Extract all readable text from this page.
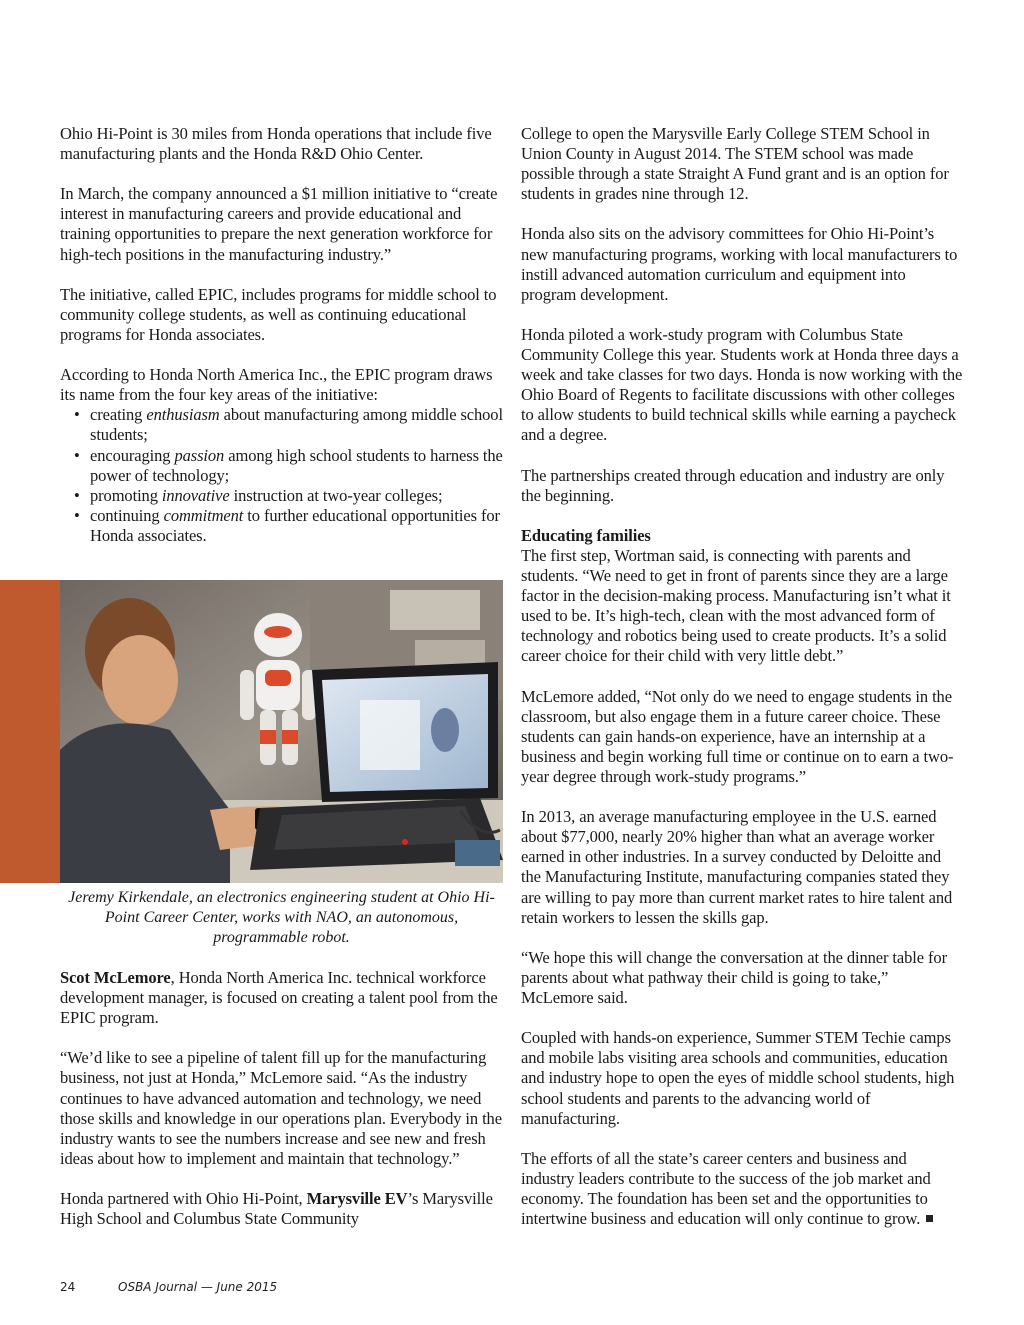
Ohio Hi-Point is 30 miles from Honda operations that include five manufacturing plants and the Honda R&D Ohio Center.

In March, the company announced a $1 million initiative to “create interest in manufacturing careers and provide educational and training opportunities to prepare the next generation workforce for high-tech positions in the manufacturing industry.”

The initiative, called EPIC, includes programs for middle school to community college students, as well as continuing educational programs for Honda associates.

According to Honda North America Inc., the EPIC program draws its name from the four key areas of the initiative:

• creating enthusiasm about manufacturing among middle school students;
• encouraging passion among high school students to harness the power of technology;
• promoting innovative instruction at two-year colleges;
• continuing commitment to further educational opportunities for Honda associates.
Jeremy Kirkendale, an electronics engineering student at Ohio Hi-Point Career Center, works with NAO, an autonomous, programmable robot.

Scot McLemore, Honda North America Inc. technical workforce development manager, is focused on creating a talent pool from the EPIC program.

“We’d like to see a pipeline of talent fill up for the manufacturing business, not just at Honda,” McLemore said. “As the industry continues to have advanced automation and technology, we need those skills and knowledge in our operations plan. Everybody in the industry wants to see the numbers increase and see new and fresh ideas about how to implement and maintain that technology.”

Honda partnered with Ohio Hi-Point, Marysville EV’s Marysville High School and Columbus State Community

College to open the Marysville Early College STEM School in Union County in August 2014. The STEM school was made possible through a state Straight A Fund grant and is an option for students in grades nine through 12.

Honda also sits on the advisory committees for Ohio Hi-Point’s new manufacturing programs, working with local manufacturers to instill advanced automation curriculum and equipment into program development.

Honda piloted a work-study program with Columbus State Community College this year. Students work at Honda three days a week and take classes for two days. Honda is now working with the Ohio Board of Regents to facilitate discussions with other colleges to allow students to build technical skills while earning a paycheck and a degree.

The partnerships created through education and industry are only the beginning.

Educating families

The first step, Wortman said, is connecting with parents and students. “We need to get in front of parents since they are a large factor in the decision-making process. Manufacturing isn’t what it used to be. It’s high-tech, clean with the most advanced form of technology and robotics being used to create products. It’s a solid career choice for their child with very little debt.”

McLemore added, “Not only do we need to engage students in the classroom, but also engage them in a future career choice. These students can gain hands-on experience, have an internship at a business and begin working full time or continue on to earn a two-year degree through work-study programs.”

In 2013, an average manufacturing employee in the U.S. earned about $77,000, nearly 20% higher than what an average worker earned in other industries. In a survey conducted by Deloitte and the Manufacturing Institute, manufacturing companies stated they are willing to pay more than current market rates to hire talent and retain workers to lessen the skills gap.

“We hope this will change the conversation at the dinner table for parents about what pathway their child is going to take,” McLemore said.

Coupled with hands-on experience, Summer STEM Techie camps and mobile labs visiting area schools and communities, education and industry hope to open the eyes of middle school students, high school students and parents to the advancing world of manufacturing.

The efforts of all the state’s career centers and business and industry leaders contribute to the success of the job market and economy. The foundation has been set and the opportunities to intertwine business and education will only continue to grow.

24	OSBA Journal — June 2015
